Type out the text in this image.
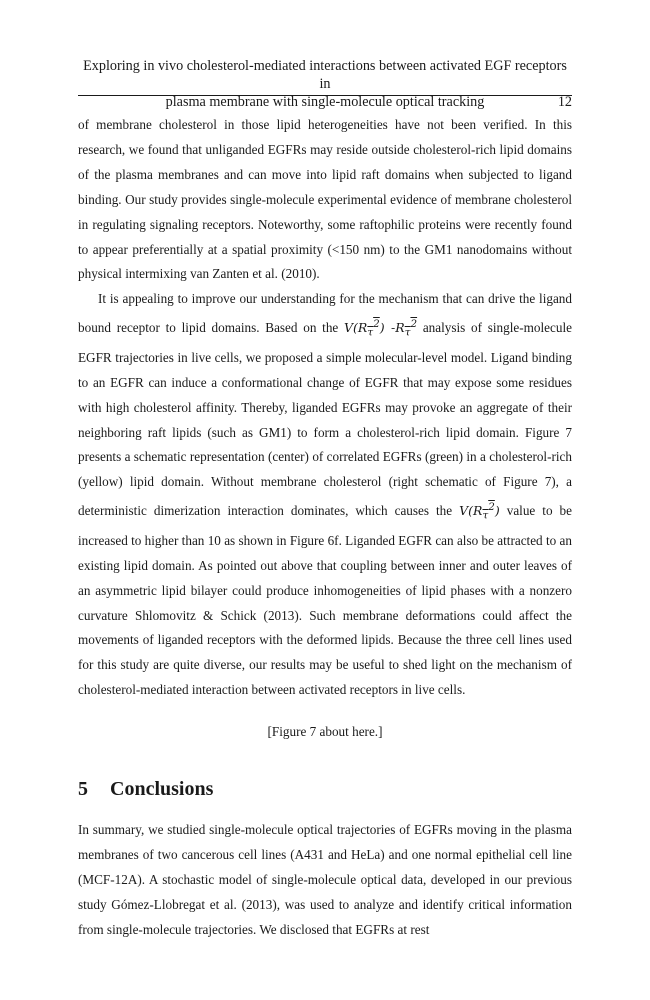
Exploring in vivo cholesterol-mediated interactions between activated EGF receptors in
plasma membrane with single-molecule optical tracking	12

of membrane cholesterol in those lipid heterogeneities have not been verified. In this research, we found that unliganded EGFRs may reside outside cholesterol-rich lipid domains of the plasma membranes and can move into lipid raft domains when subjected to ligand binding. Our study provides single-molecule experimental evidence of membrane cholesterol in regulating signaling receptors. Noteworthy, some raftophilic proteins were recently found to appear preferentially at a spatial proximity (<150 nm) to the GM1 nanodomains without physical intermixing van Zanten et al. (2010).

It is appealing to improve our understanding for the mechanism that can drive the ligand bound receptor to lipid domains. Based on the $V(R_\tau^2)$ $-R_\tau^2$ analysis of single-molecule EGFR trajectories in live cells, we proposed a simple molecular-level model. Ligand binding to an EGFR can induce a conformational change of EGFR that may expose some residues with high cholesterol affinity. Thereby, liganded EGFRs may provoke an aggregate of their neighboring raft lipids (such as GM1) to form a cholesterol-rich lipid domain. Figure 7 presents a schematic representation (center) of correlated EGFRs (green) in a cholesterol-rich (yellow) lipid domain. Without membrane cholesterol (right schematic of Figure 7), a deterministic dimerization interaction dominates, which causes the $V(R_\tau^2)$ value to be increased to higher than 10 as shown in Figure 6f. Liganded EGFR can also be attracted to an existing lipid domain. As pointed out above that coupling between inner and outer leaves of an asymmetric lipid bilayer could produce inhomogeneities of lipid phases with a nonzero curvature Shlomovitz & Schick (2013). Such membrane deformations could affect the movements of liganded receptors with the deformed lipids. Because the three cell lines used for this study are quite diverse, our results may be useful to shed light on the mechanism of cholesterol-mediated interaction between activated receptors in live cells.

[Figure 7 about here.]
5 Conclusions

In summary, we studied single-molecule optical trajectories of EGFRs moving in the plasma membranes of two cancerous cell lines (A431 and HeLa) and one normal epithelial cell line (MCF-12A). A stochastic model of single-molecule optical data, developed in our previous study Gómez-Llobregat et al. (2013), was used to analyze and identify critical information from single-molecule trajectories. We disclosed that EGFRs at rest
